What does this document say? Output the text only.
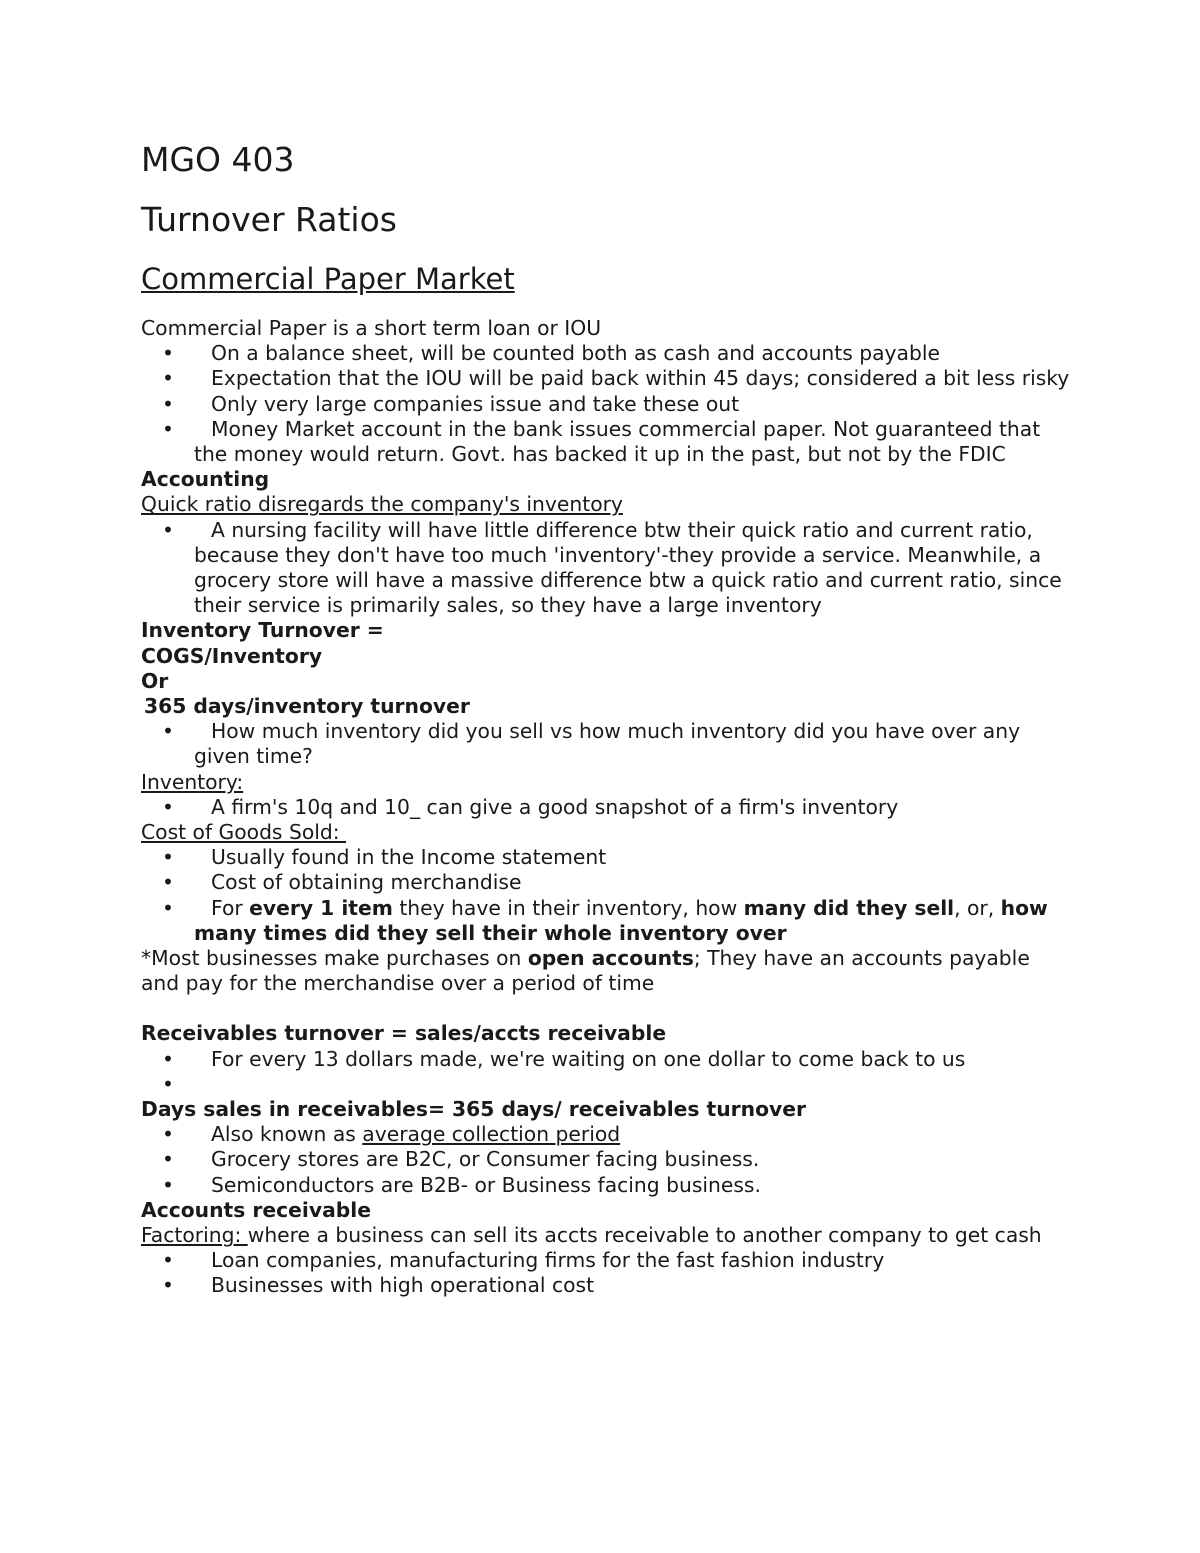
MGO 403
Turnover Ratios
Commercial Paper Market
Commercial Paper is a short term loan or IOU
•	On a balance sheet, will be counted both as cash and accounts payable
•	Expectation that the IOU will be paid back within 45 days; considered a bit less risky
•	Only very large companies issue and take these out
•	Money Market account in the bank issues commercial paper. Not guaranteed that the money would return. Govt. has backed it up in the past, but not by the FDIC
Accounting
Quick ratio disregards the company's inventory
•	A nursing facility will have little difference btw their quick ratio and current ratio, because they don't have too much 'inventory'-they provide a service. Meanwhile, a grocery store will have a massive difference btw a quick ratio and current ratio, since their service is primarily sales, so they have a large inventory
Inventory Turnover =
COGS/Inventory
Or
365 days/inventory turnover
•	How much inventory did you sell vs how much inventory did you have over any given time?
Inventory:
•	A firm's 10q and 10_ can give a good snapshot of a firm's inventory
Cost of Goods Sold:
•	Usually found in the Income statement
•	Cost of obtaining merchandise
•	For every 1 item they have in their inventory, how many did they sell, or, how many times did they sell their whole inventory over
*Most businesses make purchases on open accounts; They have an accounts payable and pay for the merchandise over a period of time
Receivables turnover = sales/accts receivable
•	For every 13 dollars made, we're waiting on one dollar to come back to us
•
Days sales in receivables= 365 days/ receivables turnover
•	Also known as average collection period
•	Grocery stores are B2C, or Consumer facing business.
•	Semiconductors are B2B- or Business facing business.
Accounts receivable
Factoring: where a business can sell its accts receivable to another company to get cash
•	Loan companies, manufacturing firms for the fast fashion industry
•	Businesses with high operational cost
